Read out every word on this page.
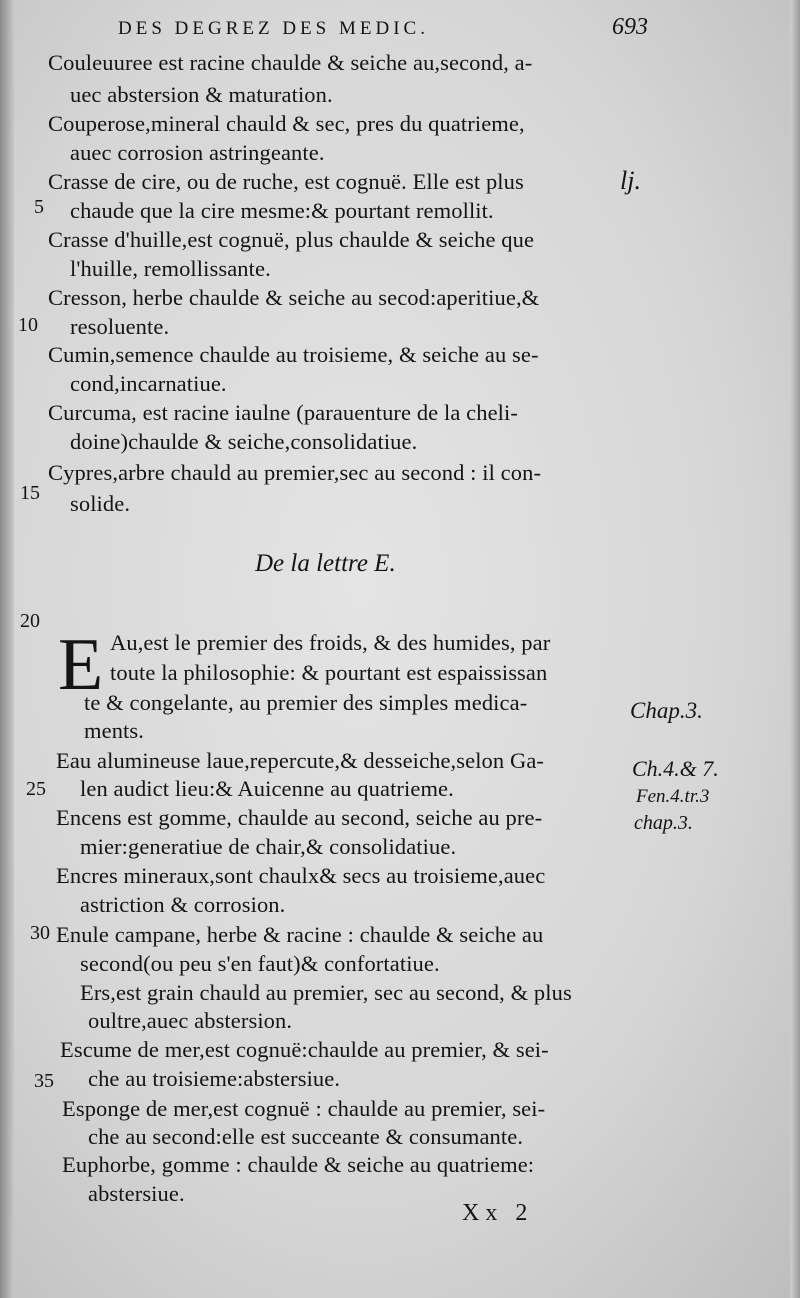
DES DEGREZ DES MEDIC.	693
lj.
Couleuuree est racine chaulde & seiche au,second, a-
uec abstersion & maturation.
Couperose,mineral chauld & sec, pres du quatrieme,
auec corrosion astringeante.
Crasse de cire, ou de ruche, est cognuë. Elle est plus
chaude que la cire mesme:& pourtant remollit.
Crasse d'huille,est cognuë, plus chaulde & seiche que
l'huille, remollissante.
Cresson, herbe chaulde & seiche au secod:aperitiue,&
resoluente.
Cumin,semence chaulde au troisieme, & seiche au se-
cond,incarnatiue.
Curcuma, est racine iaulne (parauenture de la cheli-
doine)chaulde & seiche,consolidatiue.
Cypres,arbre chauld au premier,sec au second : il con-
solide.
5
10
15
20
25
30
35
De la lettre E.
E Au,est le premier des froids, & des humides, par
toute la philosophie: & pourtant est espaississan
te & congelante, au premier des simples medica-
ments.
Eau alumineuse laue,repercute,& desseiche,selon Ga-
len audict lieu:& Auicenne au quatrieme.
Encens est gomme, chaulde au second, seiche au pre-
mier:generatiue de chair,& consolidatiue.
Encres mineraux,sont chaulx& secs au troisieme,auec
astriction & corrosion.
Enule campane, herbe & racine : chaulde & seiche au
second(ou peu s'en faut)& confortatiue.
Ers,est grain chauld au premier, sec au second, & plus
oultre,auec abstersion.
Escume de mer,est cognuë:chaulde au premier, & sei-
che au troisieme:abstersiue.
Esponge de mer,est cognuë : chaulde au premier, sei-
che au second:elle est succeante & consumante.
Euphorbe, gomme : chaulde & seiche au quatrieme:
abstersiue.
Chap.3.
Ch.4.& 7.
Fen.4.tr.3
chap.3.
Xx 2
